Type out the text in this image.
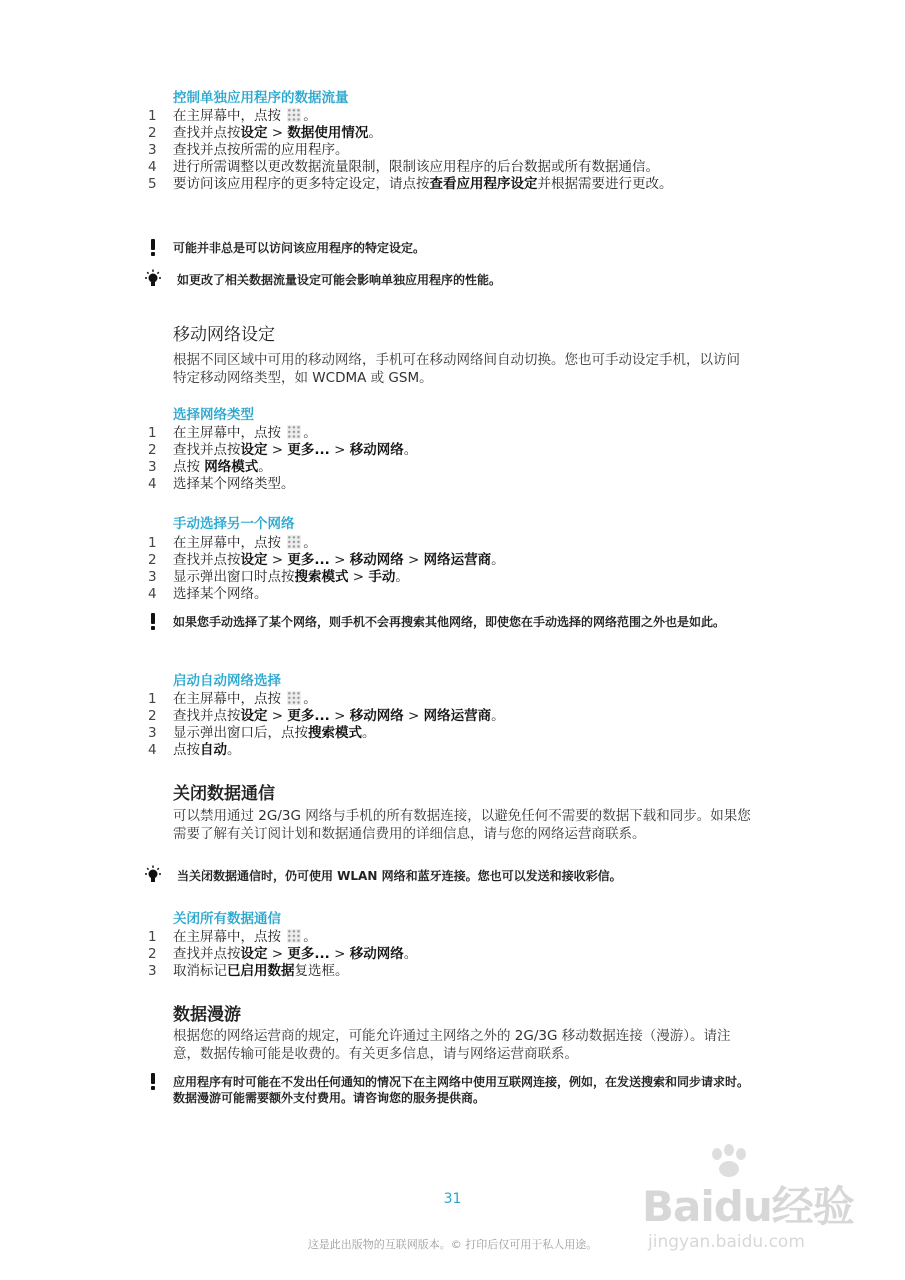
控制单独应用程序的数据流量
1 在主屏幕中，点按 。
2 查找并点按设定 > 数据使用情况。
3 查找并点按所需的应用程序。
4 进行所需调整以更改数据流量限制，限制该应用程序的后台数据或所有数据通信。
5 要访问该应用程序的更多特定设定，请点按查看应用程序设定并根据需要进行更改。

可能并非总是可以访问该应用程序的特定设定。

如更改了相关数据流量设定可能会影响单独应用程序的性能。

移动网络设定

根据不同区域中可用的移动网络，手机可在移动网络间自动切换。您也可手动设定手机，以访问特定移动网络类型，如 WCDMA 或 GSM。

选择网络类型
1 在主屏幕中，点按 。
2 查找并点按设定 > 更多... > 移动网络。
3 点按 网络模式。
4 选择某个网络类型。
手动选择另一个网络
1 在主屏幕中，点按 。
2 查找并点按设定 > 更多... > 移动网络 > 网络运营商。
3 显示弹出窗口时点按搜索模式 > 手动。
4 选择某个网络。

如果您手动选择了某个网络，则手机不会再搜索其他网络，即使您在手动选择的网络范围之外也是如此。

启动自动网络选择
1 在主屏幕中，点按 。
2 查找并点按设定 > 更多... > 移动网络 > 网络运营商。
3 显示弹出窗口后，点按搜索模式。
4 点按自动。
关闭数据通信

可以禁用通过 2G/3G 网络与手机的所有数据连接，以避免任何不需要的数据下载和同步。如果您需要了解有关订阅计划和数据通信费用的详细信息，请与您的网络运营商联系。

当关闭数据通信时，仍可使用 WLAN 网络和蓝牙连接。您也可以发送和接收彩信。

关闭所有数据通信
1 在主屏幕中，点按 。
2 查找并点按设定 > 更多... > 移动网络。
3 取消标记已启用数据复选框。
数据漫游

根据您的网络运营商的规定，可能允许通过主网络之外的 2G/3G 移动数据连接（漫游）。请注意，数据传输可能是收费的。有关更多信息，请与网络运营商联系。

应用程序有时可能在不发出任何通知的情况下在主网络中使用互联网连接，例如，在发送搜索和同步请求时。数据漫游可能需要额外支付费用。请咨询您的服务提供商。

Baidu经验
jingyan.baidu.com
31
这是此出版物的互联网版本。© 打印后仅可用于私人用途。
